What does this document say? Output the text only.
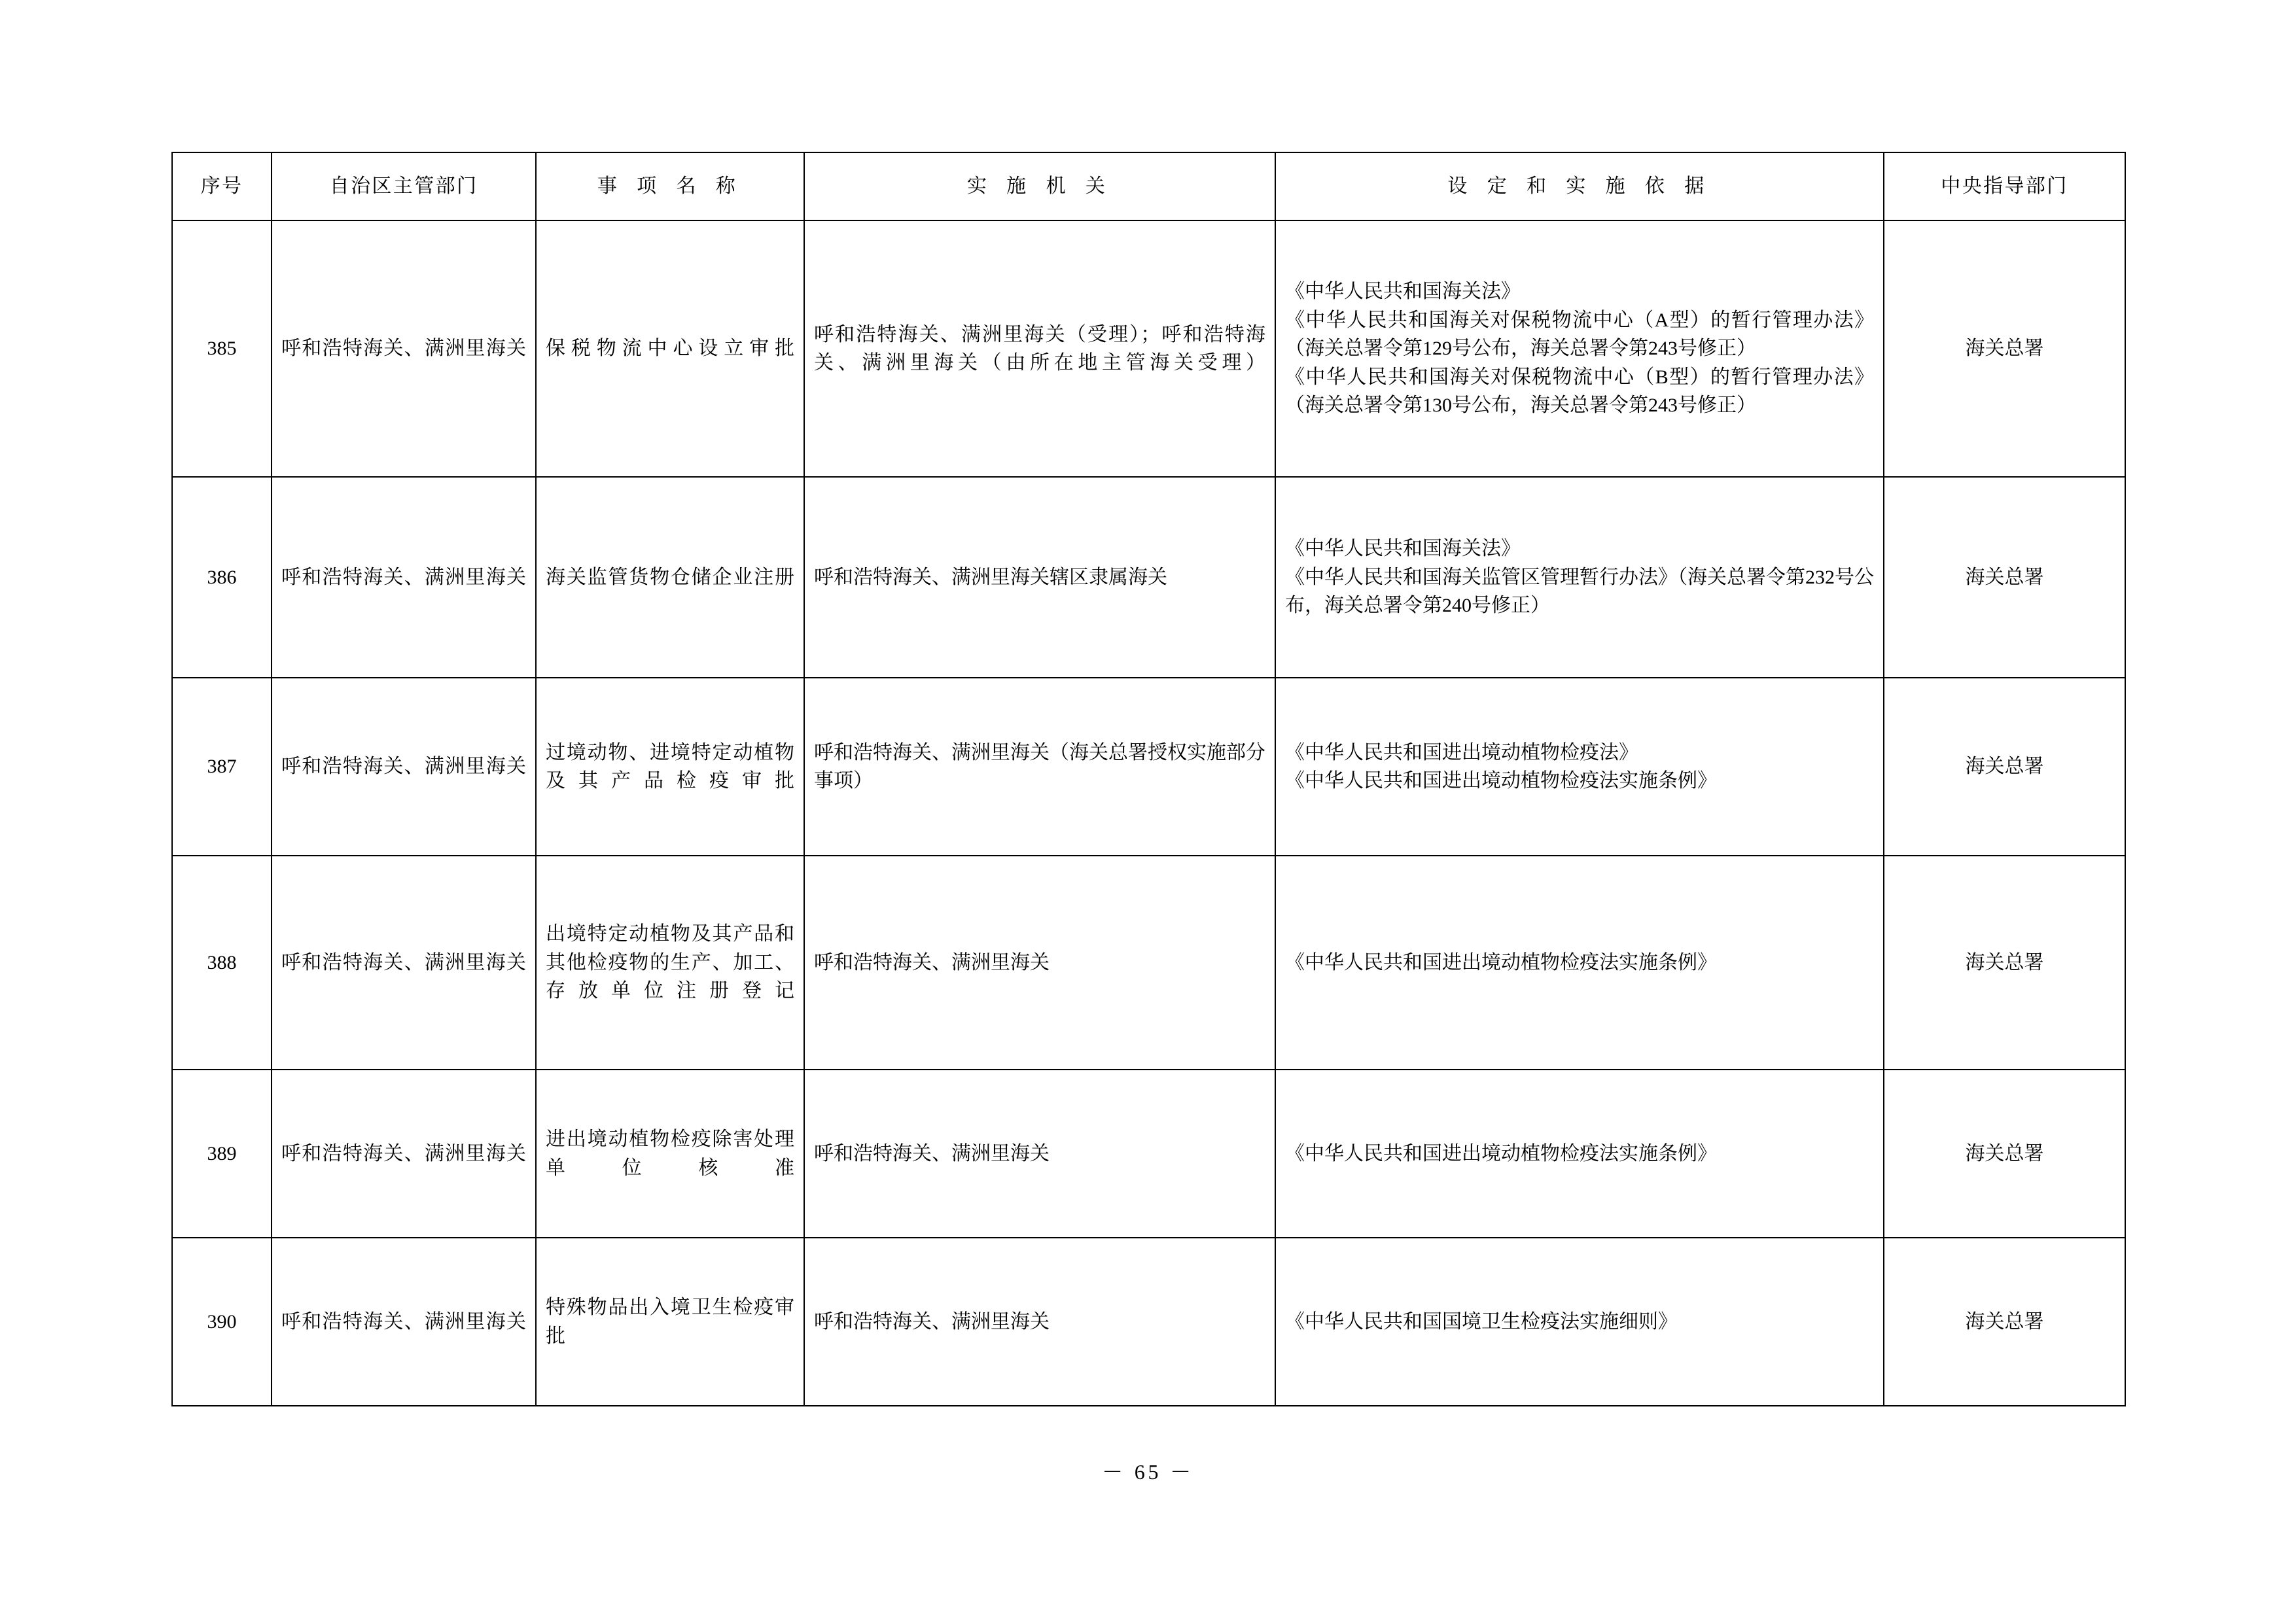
序号	自治区主管部门	事 项 名 称	实 施 机 关	设 定 和 实 施 依 据	中央指导部门
385	呼和浩特海关、满洲里海关	保税物流中心设立审批	呼和浩特海关、满洲里海关（受理）；呼和浩特海关、满洲里海关（由所在地主管海关受理）	《中华人民共和国海关法》
《中华人民共和国海关对保税物流中心（A型）的暂行管理办法》（海关总署令第129号公布，海关总署令第243号修正）
《中华人民共和国海关对保税物流中心（B型）的暂行管理办法》（海关总署令第130号公布，海关总署令第243号修正）	海关总署
386	呼和浩特海关、满洲里海关	海关监管货物仓储企业注册	呼和浩特海关、满洲里海关辖区隶属海关	《中华人民共和国海关法》
《中华人民共和国海关监管区管理暂行办法》（海关总署令第232号公布，海关总署令第240号修正）	海关总署
387	呼和浩特海关、满洲里海关	过境动物、进境特定动植物及其产品检疫审批	呼和浩特海关、满洲里海关（海关总署授权实施部分事项）	《中华人民共和国进出境动植物检疫法》
《中华人民共和国进出境动植物检疫法实施条例》	海关总署
388	呼和浩特海关、满洲里海关	出境特定动植物及其产品和其他检疫物的生产、加工、存放单位注册登记	呼和浩特海关、满洲里海关	《中华人民共和国进出境动植物检疫法实施条例》	海关总署
389	呼和浩特海关、满洲里海关	进出境动植物检疫除害处理单位核准	呼和浩特海关、满洲里海关	《中华人民共和国进出境动植物检疫法实施条例》	海关总署
390	呼和浩特海关、满洲里海关	特殊物品出入境卫生检疫审批	呼和浩特海关、满洲里海关	《中华人民共和国国境卫生检疫法实施细则》	海关总署
－ 65 －
